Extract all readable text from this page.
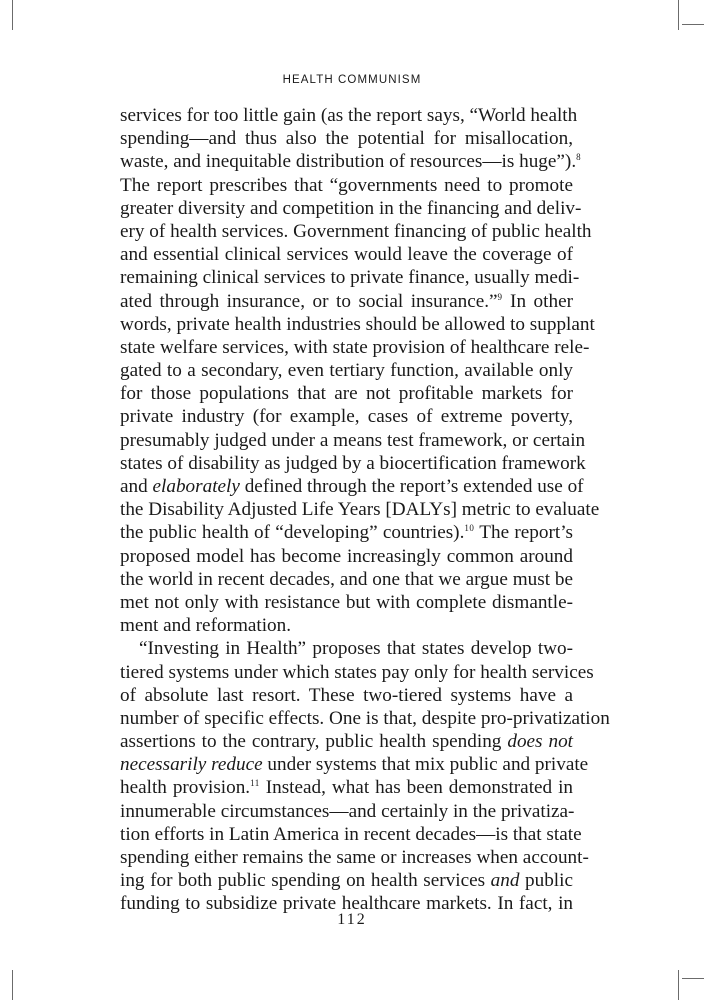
HEALTH COMMUNISM
services for too little gain (as the report says, “World health
spending—and thus also the potential for misallocation,
waste, and inequitable distribution of resources—is huge”).$^8$
The report prescribes that “governments need to promote
greater diversity and competition in the financing and deliv-
ery of health services. Government financing of public health
and essential clinical services would leave the coverage of
remaining clinical services to private finance, usually medi-
ated through insurance, or to social insurance.”$^9$ In other
words, private health industries should be allowed to supplant
state welfare services, with state provision of healthcare rele-
gated to a secondary, even tertiary function, available only
for those populations that are not profitable markets for
private industry (for example, cases of extreme poverty,
presumably judged under a means test framework, or certain
states of disability as judged by a biocertification framework
and elaborately defined through the report’s extended use of
the Disability Adjusted Life Years [DALYs] metric to evaluate
the public health of “developing” countries).$^{10}$ The report’s
proposed model has become increasingly common around
the world in recent decades, and one that we argue must be
met not only with resistance but with complete dismantle-
ment and reformation.
“Investing in Health” proposes that states develop two-
tiered systems under which states pay only for health services
of absolute last resort. These two-tiered systems have a
number of specific effects. One is that, despite pro-privatization
assertions to the contrary, public health spending does not
necessarily reduce under systems that mix public and private
health provision.$^{11}$ Instead, what has been demonstrated in
innumerable circumstances—and certainly in the privatiza-
tion efforts in Latin America in recent decades—is that state
spending either remains the same or increases when account-
ing for both public spending on health services and public
funding to subsidize private healthcare markets. In fact, in
112
